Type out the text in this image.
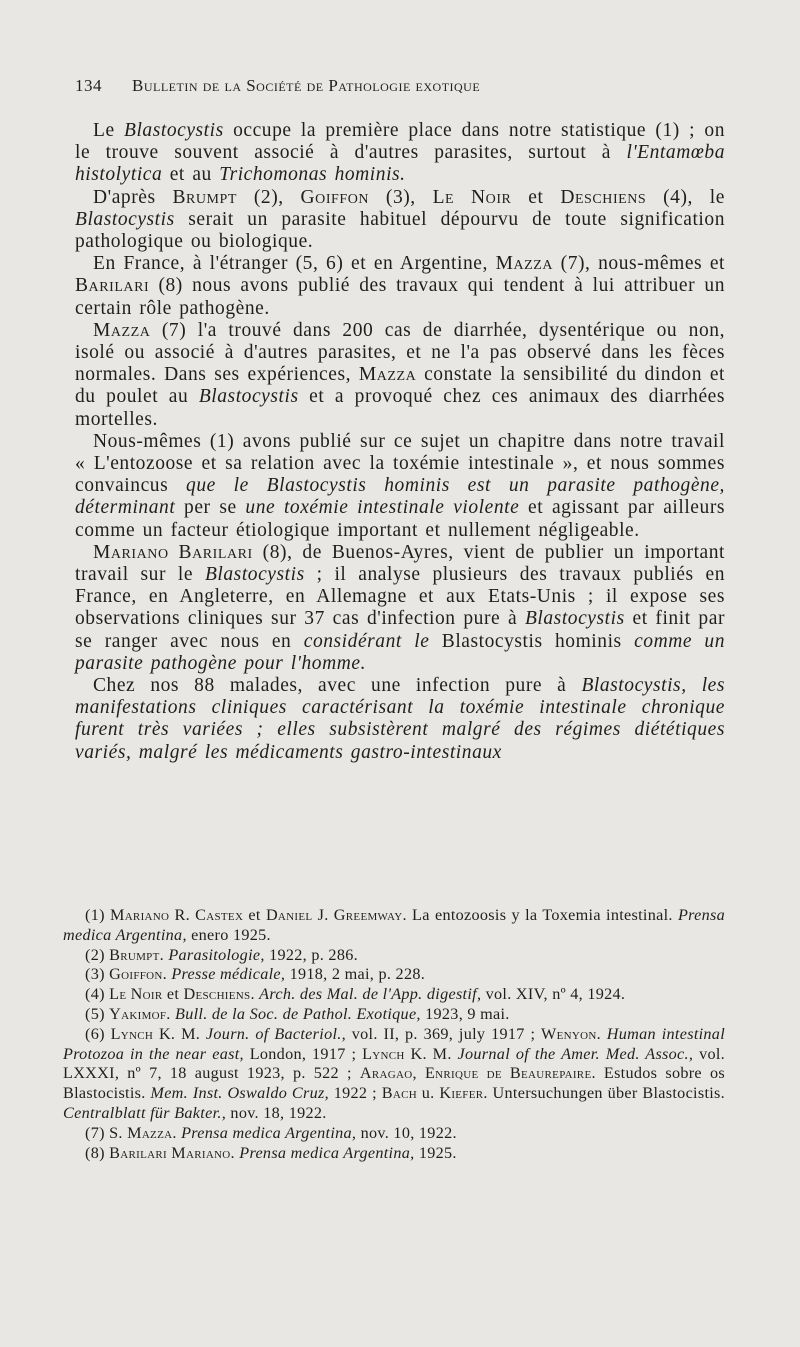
134 Bulletin de la Société de Pathologie exotique

Le Blastocystis occupe la première place dans notre statistique (1) ; on le trouve souvent associé à d'autres parasites, surtout à l'Entamœba histolytica et au Trichomonas hominis.

D'après Brumpt (2), Goiffon (3), Le Noir et Deschiens (4), le Blastocystis serait un parasite habituel dépourvu de toute signification pathologique ou biologique.

En France, à l'étranger (5, 6) et en Argentine, Mazza (7), nous-mêmes et Barilari (8) nous avons publié des travaux qui tendent à lui attribuer un certain rôle pathogène.

Mazza (7) l'a trouvé dans 200 cas de diarrhée, dysentérique ou non, isolé ou associé à d'autres parasites, et ne l'a pas observé dans les fèces normales. Dans ses expériences, Mazza constate la sensibilité du dindon et du poulet au Blastocystis et a provoqué chez ces animaux des diarrhées mortelles.

Nous-mêmes (1) avons publié sur ce sujet un chapitre dans notre travail « L'entozoose et sa relation avec la toxémie intestinale », et nous sommes convaincus que le Blastocystis hominis est un parasite pathogène, déterminant per se une toxémie intestinale violente et agissant par ailleurs comme un facteur étiologique important et nullement négligeable.

Mariano Barilari (8), de Buenos-Ayres, vient de publier un important travail sur le Blastocystis ; il analyse plusieurs des travaux publiés en France, en Angleterre, en Allemagne et aux Etats-Unis ; il expose ses observations cliniques sur 37 cas d'infection pure à Blastocystis et finit par se ranger avec nous en considérant le Blastocystis hominis comme un parasite pathogène pour l'homme.

Chez nos 88 malades, avec une infection pure à Blastocystis, les manifestations cliniques caractérisant la toxémie intestinale chronique furent très variées ; elles subsistèrent malgré des régimes diététiques variés, malgré les médicaments gastro-intestinaux

(1) Mariano R. Castex et Daniel J. Greemway. La entozoosis y la Toxemia intestinal. Prensa medica Argentina, enero 1925.

(2) Brumpt. Parasitologie, 1922, p. 286.

(3) Goiffon. Presse médicale, 1918, 2 mai, p. 228.

(4) Le Noir et Deschiens. Arch. des Mal. de l'App. digestif, vol. XIV, nº 4, 1924.

(5) Yakimof. Bull. de la Soc. de Pathol. Exotique, 1923, 9 mai.

(6) Lynch K. M. Journ. of Bacteriol., vol. II, p. 369, july 1917 ; Wenyon. Human intestinal Protozoa in the near east, London, 1917 ; Lynch K. M. Journal of the Amer. Med. Assoc., vol. LXXXI, nº 7, 18 august 1923, p. 522 ; Aragao, Enrique de Beaurepaire. Estudos sobre os Blastocistis. Mem. Inst. Oswaldo Cruz, 1922 ; Bach u. Kiefer. Untersuchungen über Blastocistis. Centralblatt für Bakter., nov. 18, 1922.

(7) S. Mazza. Prensa medica Argentina, nov. 10, 1922.

(8) Barilari Mariano. Prensa medica Argentina, 1925.
